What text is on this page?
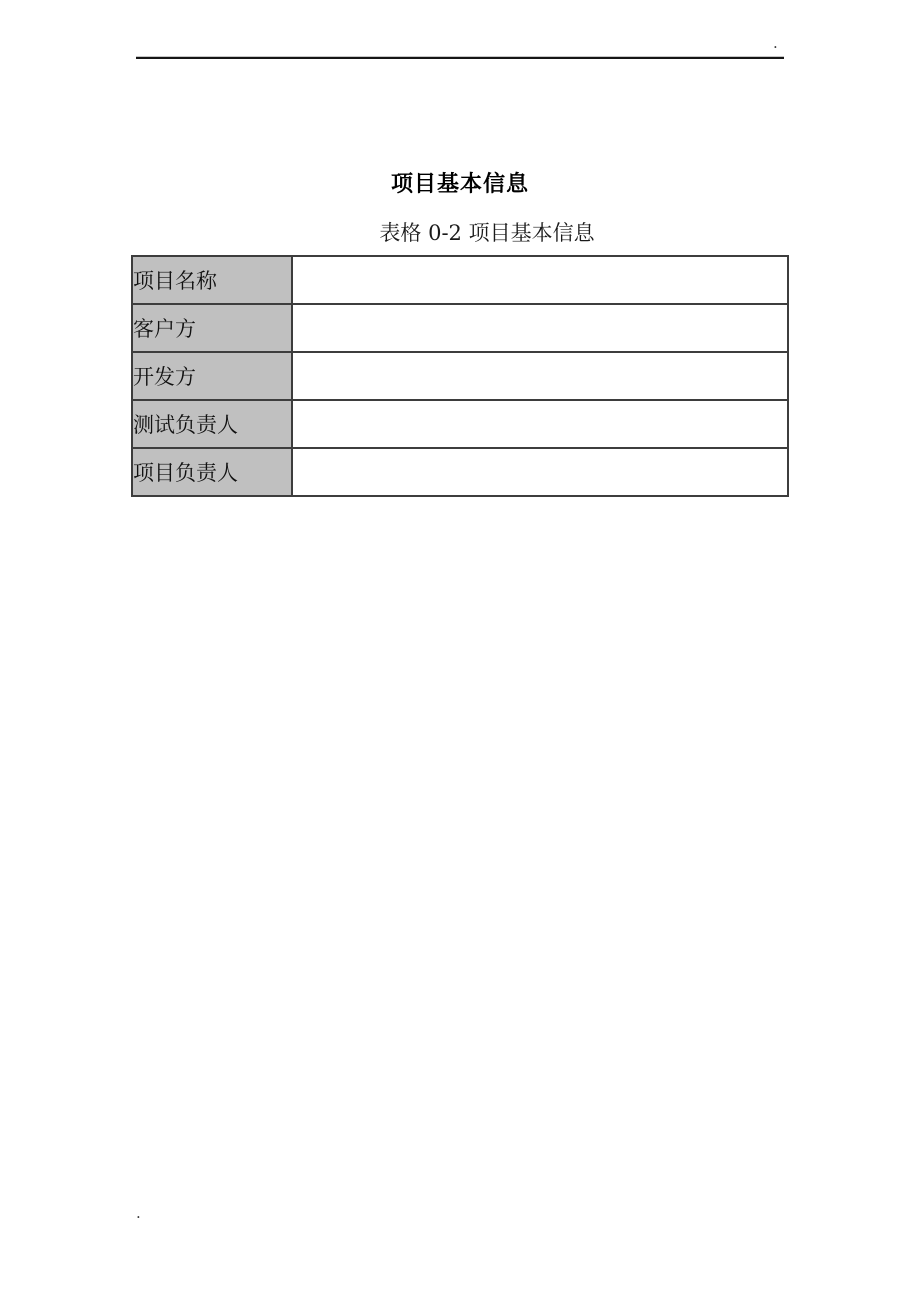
.
项目基本信息
表格 0-2 项目基本信息
项目名称	
客户方	
开发方	
测试负责人	
项目负责人	
.
